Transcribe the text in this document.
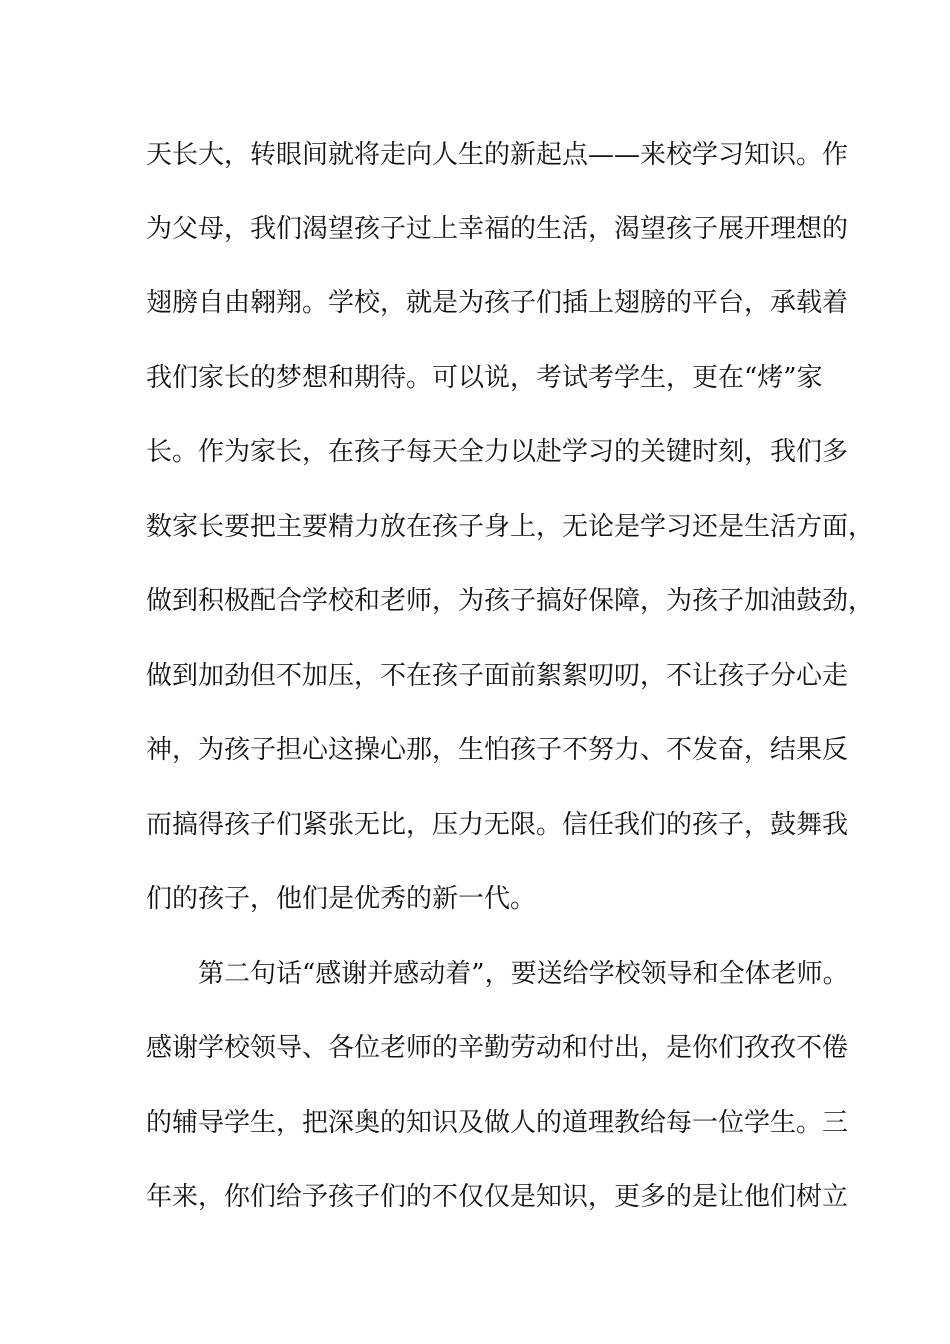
天长大，转眼间就将走向人生的新起点——来校学习知识。作
为父母，我们渴望孩子过上幸福的生活，渴望孩子展开理想的
翅膀自由翱翔。学校，就是为孩子们插上翅膀的平台，承载着
我们家长的梦想和期待。可以说，考试考学生，更在“烤”家
长。作为家长，在孩子每天全力以赴学习的关键时刻，我们多
数家长要把主要精力放在孩子身上，无论是学习还是生活方面，
做到积极配合学校和老师，为孩子搞好保障，为孩子加油鼓劲，
做到加劲但不加压，不在孩子面前絮絮叨叨，不让孩子分心走
神，为孩子担心这操心那，生怕孩子不努力、不发奋，结果反
而搞得孩子们紧张无比，压力无限。信任我们的孩子，鼓舞我
们的孩子，他们是优秀的新一代。
　　第二句话“感谢并感动着”，要送给学校领导和全体老师。
感谢学校领导、各位老师的辛勤劳动和付出，是你们孜孜不倦
的辅导学生，把深奥的知识及做人的道理教给每一位学生。三
年来，你们给予孩子们的不仅仅是知识，更多的是让他们树立
